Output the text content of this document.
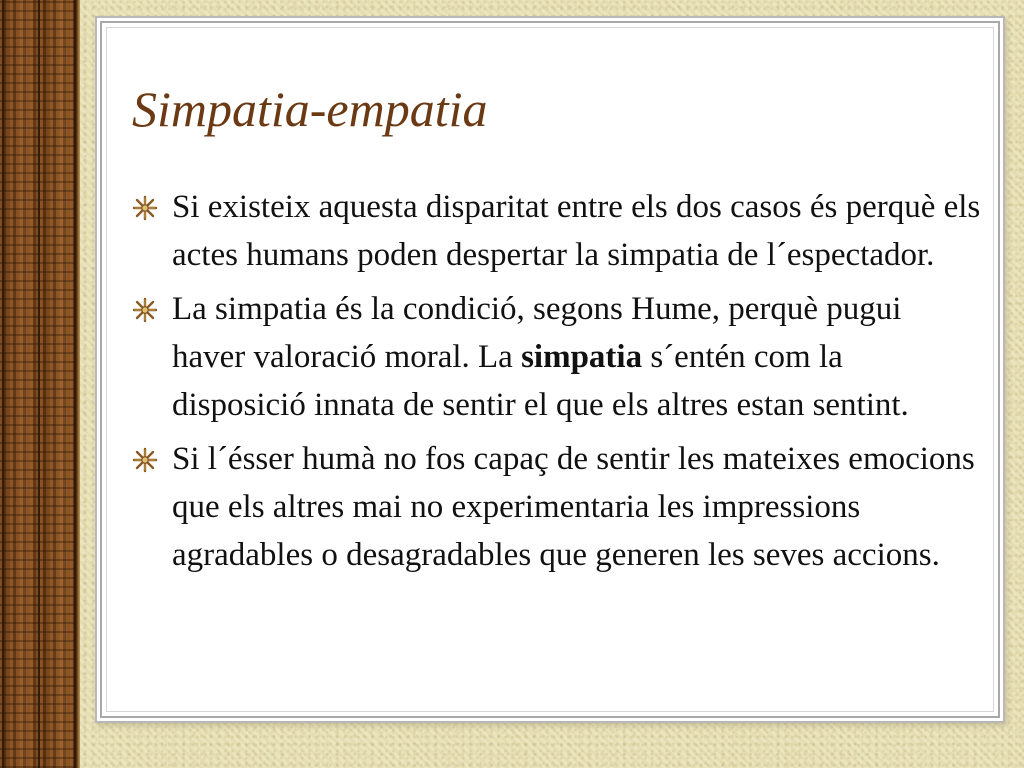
Simpatia-empatia
Si existeix aquesta disparitat entre els dos casos és perquè els actes humans poden despertar la simpatia de l´espectador.
La simpatia és la condició, segons Hume, perquè pugui haver valoració moral. La simpatia s´entén com la disposició innata de sentir el que els altres estan sentint.
Si l´ésser humà no fos capaç de sentir les mateixes emocions que els altres mai no experimentaria les impressions agradables o desagradables que generen les seves accions.
